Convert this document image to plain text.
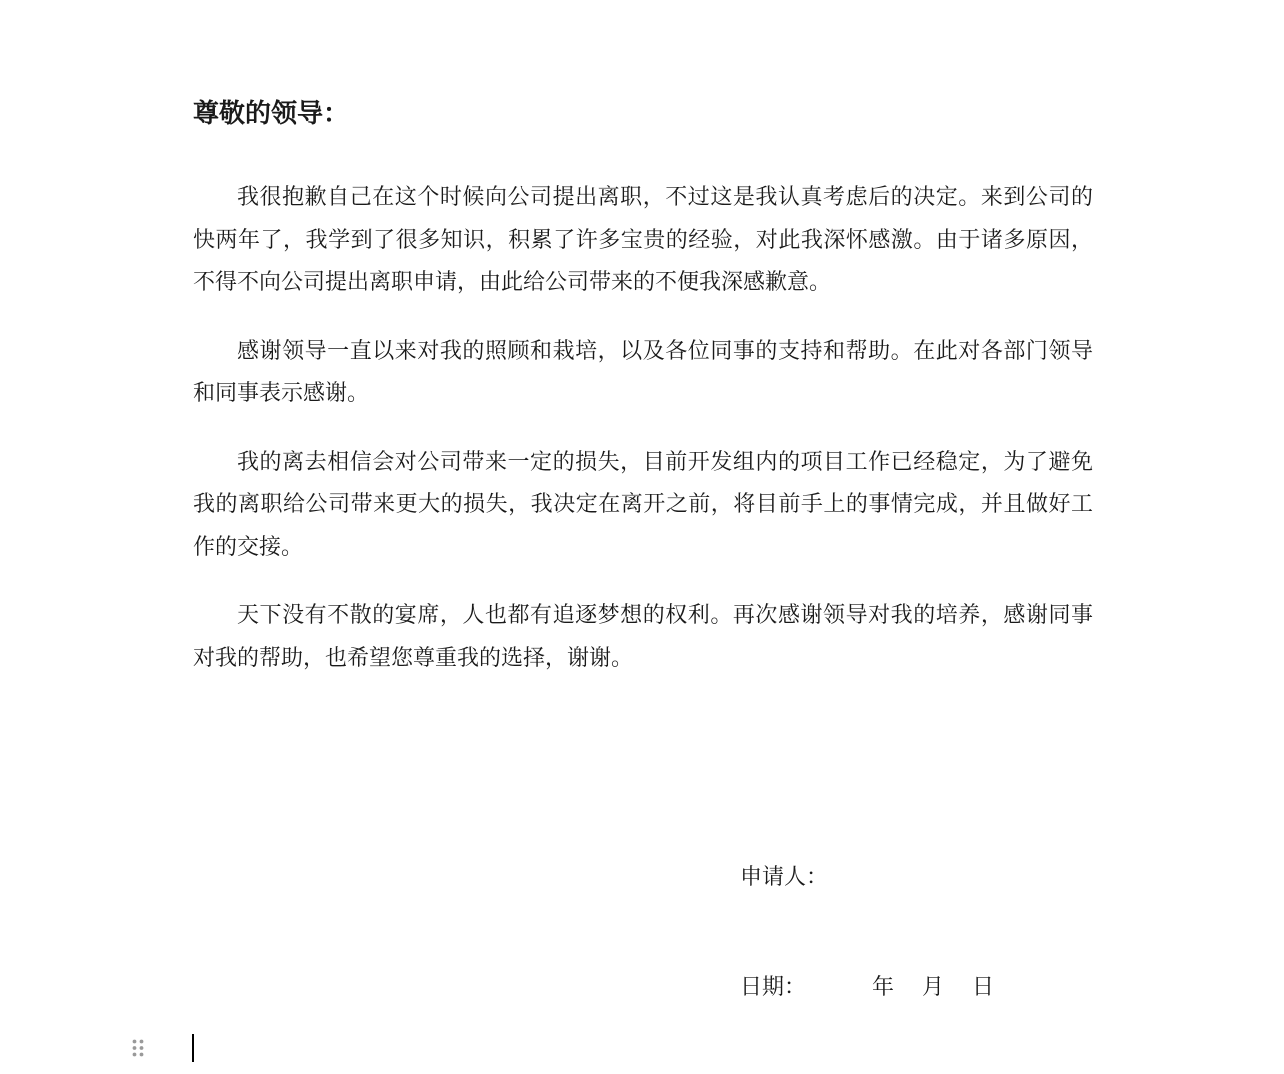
尊敬的领导：

我很抱歉自己在这个时候向公司提出离职，不过这是我认真考虑后的决定。来到公司的快两年了，我学到了很多知识，积累了许多宝贵的经验，对此我深怀感激。由于诸多原因，不得不向公司提出离职申请，由此给公司带来的不便我深感歉意。

感谢领导一直以来对我的照顾和栽培，以及各位同事的支持和帮助。在此对各部门领导和同事表示感谢。

我的离去相信会对公司带来一定的损失，目前开发组内的项目工作已经稳定，为了避免我的离职给公司带来更大的损失，我决定在离开之前，将目前手上的事情完成，并且做好工作的交接。

天下没有不散的宴席，人也都有追逐梦想的权利。再次感谢领导对我的培养，感谢同事对我的帮助，也希望您尊重我的选择，谢谢。

申请人：
日期：	年 月 日
